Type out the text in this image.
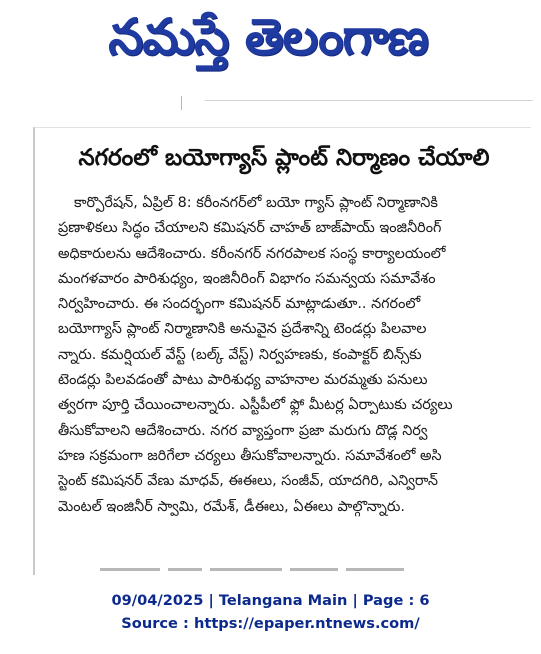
నమస్తే తెలంగాణ
నగరంలో బయోగ్యాస్ ప్లాంట్ నిర్మాణం చేయాలి
కార్పొరేషన్, ఏప్రిల్ 8: కరీంనగర్‌లో బయో గ్యాస్ ప్లాంట్ నిర్మాణానికి
ప్రణాళికలు సిద్ధం చేయాలని కమిషనర్ చాహత్ బాజ్‌పాయ్ ఇంజినీరింగ్
అధికారులను ఆదేశించారు. కరీంనగర్ నగరపాలక సంస్థ కార్యాలయంలో
మంగళవారం పారిశుధ్యం, ఇంజినీరింగ్ విభాగం సమన్వయ సమావేశం
నిర్వహించారు. ఈ సందర్భంగా కమిషనర్ మాట్లాడుతూ.. నగరంలో
బయోగ్యాస్ ప్లాంట్ నిర్మాణానికి అనువైన ప్రదేశాన్ని టెండర్లు పిలవాల
న్నారు. కమర్షియల్ వేస్ట్ (బల్క్ వేస్ట్) నిర్వహణకు, కంపాక్టర్ బిన్స్‌కు
టెండర్లు పిలవడంతో పాటు పారిశుధ్య వాహనాల మరమ్మతు పనులు
త్వరగా పూర్తి చేయించాలన్నారు. ఎస్టీపీలో ఫ్లో మీటర్ల ఏర్పాటుకు చర్యలు
తీసుకోవాలని ఆదేశించారు. నగర వ్యాప్తంగా ప్రజా మరుగు దొడ్ల నిర్వ
హణ సక్రమంగా జరిగేలా చర్యలు తీసుకోవాలన్నారు. సమావేశంలో అసి
స్టెంట్ కమిషనర్ వేణు మాధవ్, ఈఈలు, సంజీవ్, యాదగిరి, ఎన్విరాన్
మెంటల్ ఇంజినీర్ స్వామి, రమేశ్, డీఈలు, ఏఈలు పాల్గొన్నారు.
09/04/2025 | Telangana Main | Page : 6
Source : https://epaper.ntnews.com/
